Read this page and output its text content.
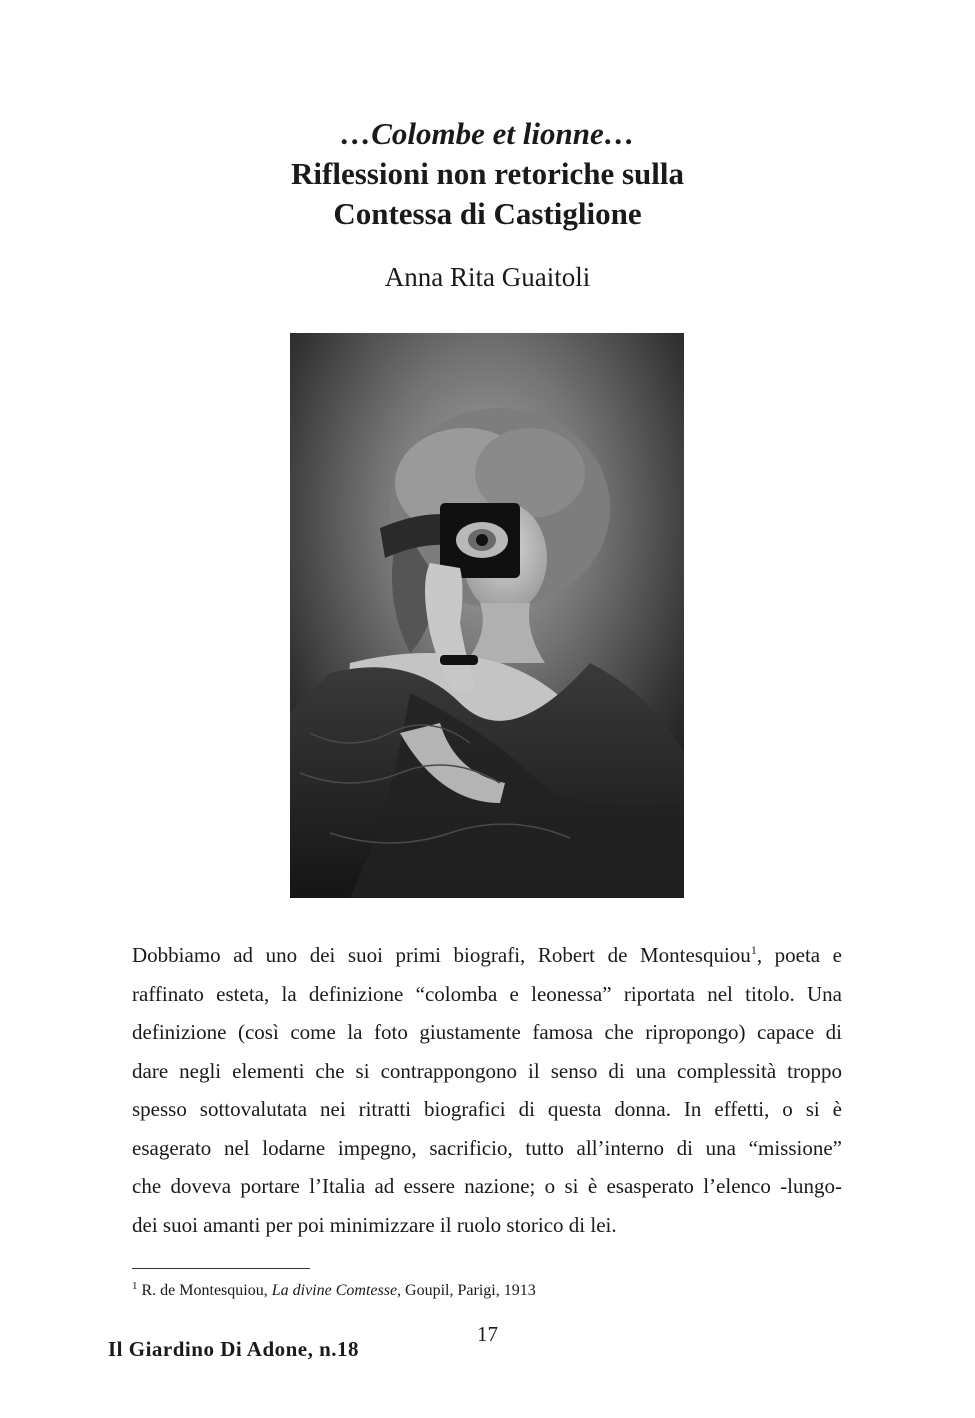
…Colombe et lionne…
Riflessioni non retoriche sulla
Contessa di Castiglione
Anna Rita Guaitoli
Dobbiamo ad uno dei suoi primi biografi, Robert de Montesquiou$^1$, poeta e
raffinato esteta, la definizione “colomba e leonessa” riportata nel titolo. Una
definizione (così come la foto giustamente famosa che ripropongo) capace di
dare negli elementi che si contrappongono il senso di una complessità troppo
spesso sottovalutata nei ritratti biografici di questa donna. In effetti, o si è
esagerato nel lodarne impegno, sacrificio, tutto all’interno di una “missione”
che doveva portare l’Italia ad essere nazione; o si è esasperato l’elenco -lungo-
dei suoi amanti per poi minimizzare il ruolo storico di lei.
$^1$ R. de Montesquiou, La divine Comtesse, Goupil, Parigi, 1913
17
Il Giardino Di Adone, n.18
